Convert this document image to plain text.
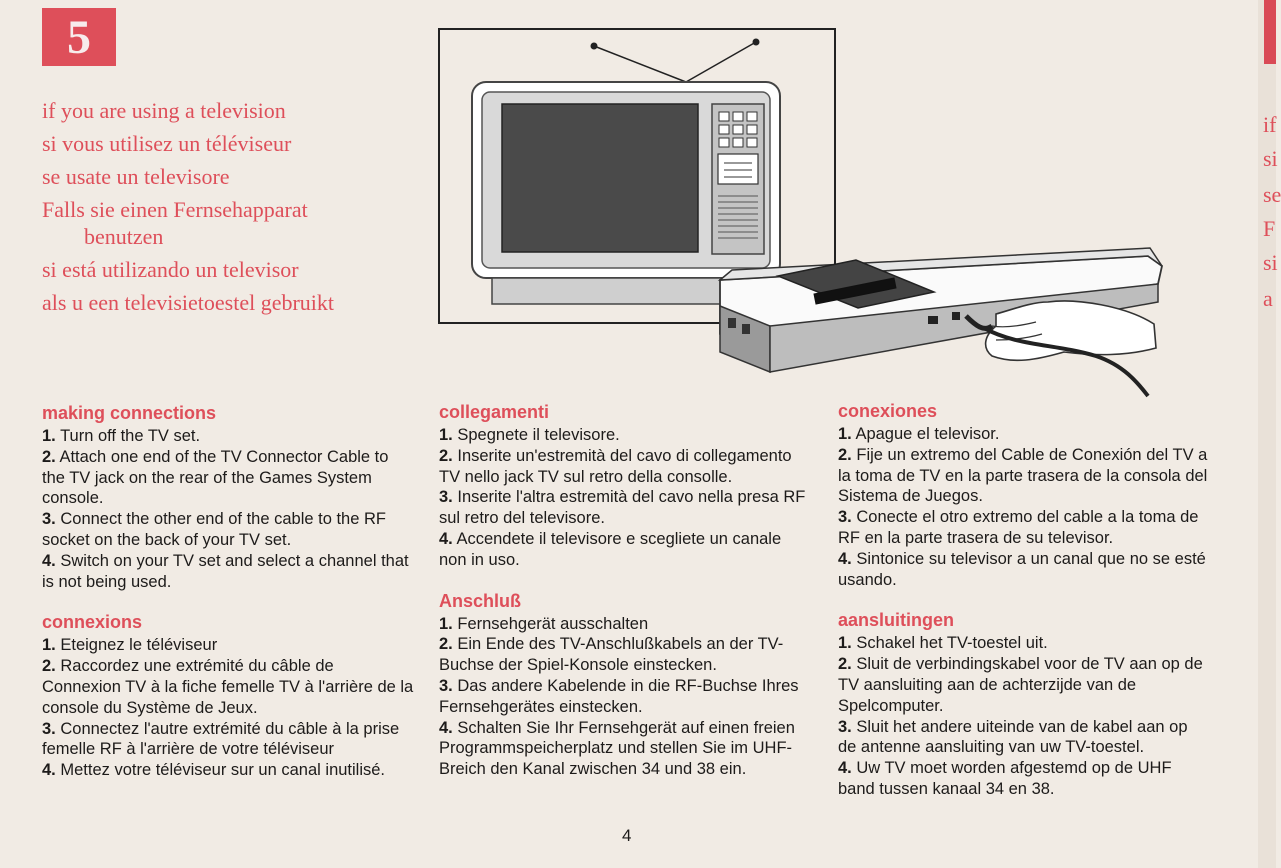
5
if you are using a television
si vous utilisez un téléviseur
se usate un televisore
Falls sie einen Fernsehapparat
benutzen
si está utilizando un televisor
als u een televisietoestel gebruikt
making connections

1. Turn off the TV set.

2. Attach one end of the TV Connector Cable to the TV jack on the rear of the Games System console.

3. Connect the other end of the cable to the RF socket on the back of your TV set.

4. Switch on your TV set and select a channel that is not being used.

connexions

1. Eteignez le téléviseur

2. Raccordez une extrémité du câble de Connexion TV à la fiche femelle TV à l'arrière de la console du Système de Jeux.

3. Connectez l'autre extrémité du câble à la prise femelle RF à l'arrière de votre téléviseur

4. Mettez votre téléviseur sur un canal inutilisé.

collegamenti

1. Spegnete il televisore.

2. Inserite un'estremità del cavo di collegamento TV nello jack TV sul retro della consolle.

3. Inserite l'altra estremità del cavo nella presa RF sul retro del televisore.

4. Accendete il televisore e scegliete un canale non in uso.

Anschluß

1. Fernsehgerät ausschalten

2. Ein Ende des TV-Anschlußkabels an der TV-Buchse der Spiel-Konsole einstecken.

3. Das andere Kabelende in die RF-Buchse Ihres Fernsehgerätes einstecken.

4. Schalten Sie Ihr Fernsehgerät auf einen freien Programmspeicherplatz und stellen Sie im UHF-Breich den Kanal zwischen 34 und 38 ein.

conexiones

1. Apague el televisor.

2. Fije un extremo del Cable de Conexión del TV a la toma de TV en la parte trasera de la consola del Sistema de Juegos.

3. Conecte el otro extremo del cable a la toma de RF en la parte trasera de su televisor.

4. Sintonice su televisor a un canal que no se esté usando.

aansluitingen

1. Schakel het TV-toestel uit.

2. Sluit de verbindingskabel voor de TV aan op de TV aansluiting aan de achterzijde van de Spelcomputer.

3. Sluit het andere uiteinde van de kabel aan op de antenne aansluiting van uw TV-toestel.

4. Uw TV moet worden afgestemd op de UHF band tussen kanaal 34 en 38.

4
if
si
se
F
si
a
